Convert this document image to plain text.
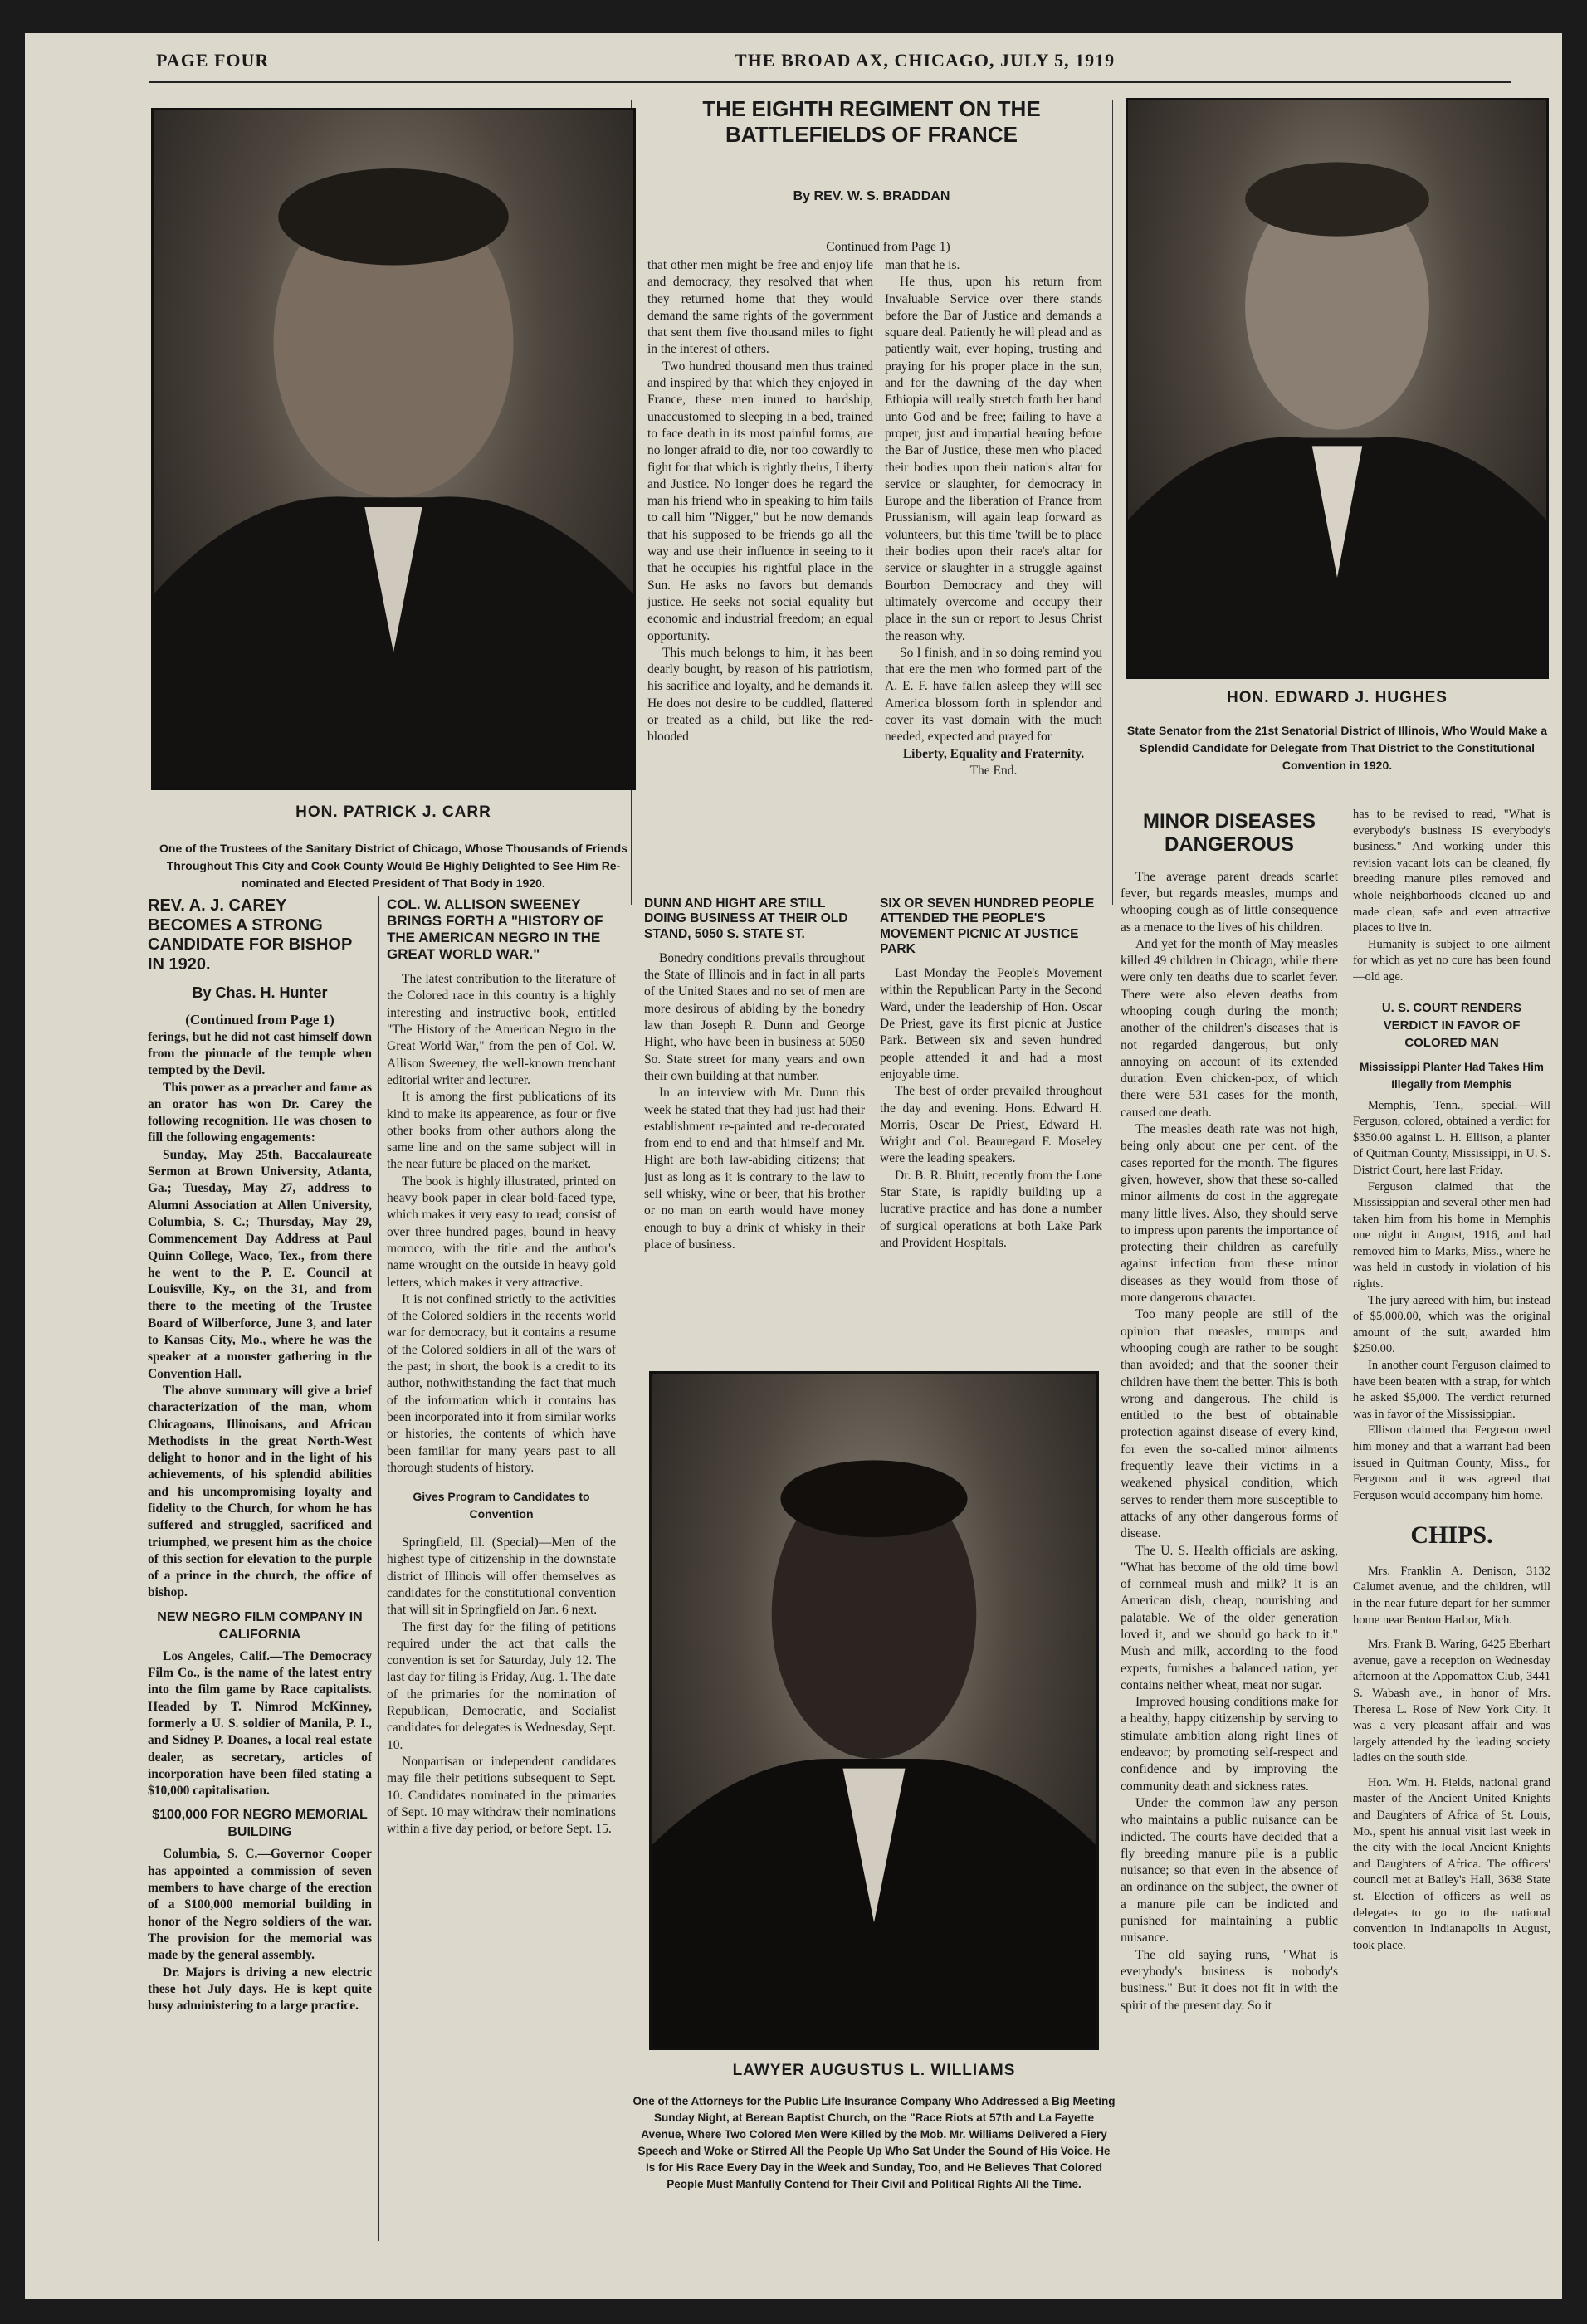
PAGE FOUR	THE BROAD AX, CHICAGO, JULY 5, 1919
HON. PATRICK J. CARR
One of the Trustees of the Sanitary District of Chicago, Whose Thousands of Friends Throughout This City and Cook County Would Be Highly Delighted to See Him Re-nominated and Elected President of That Body in 1920.
THE EIGHTH REGIMENT ON THE BATTLEFIELDS OF FRANCE
By REV. W. S. BRADDAN

Continued from Page 1)

that other men might be free and enjoy life and democracy, they resolved that when they returned home that they would demand the same rights of the government that sent them five thousand miles to fight in the interest of others.

Two hundred thousand men thus trained and inspired by that which they enjoyed in France, these men inured to hardship, unaccustomed to sleeping in a bed, trained to face death in its most painful forms, are no longer afraid to die, nor too cowardly to fight for that which is rightly theirs, Liberty and Justice. No longer does he regard the man his friend who in speaking to him fails to call him "Nigger," but he now demands that his supposed to be friends go all the way and use their influence in seeing to it that he occupies his rightful place in the Sun. He asks no favors but demands justice. He seeks not social equality but economic and industrial freedom; an equal opportunity.

This much belongs to him, it has been dearly bought, by reason of his patriotism, his sacrifice and loyalty, and he demands it. He does not desire to be cuddled, flattered or treated as a child, but like the red-blooded

man that he is.

He thus, upon his return from Invaluable Service over there stands before the Bar of Justice and demands a square deal. Patiently he will plead and as patiently wait, ever hoping, trusting and praying for his proper place in the sun, and for the dawning of the day when Ethiopia will really stretch forth her hand unto God and be free; failing to have a proper, just and impartial hearing before the Bar of Justice, these men who placed their bodies upon their nation's altar for service or slaughter, for democracy in Europe and the liberation of France from Prussianism, will again leap forward as volunteers, but this time 'twill be to place their bodies upon their race's altar for service or slaughter in a struggle against Bourbon Democracy and they will ultimately overcome and occupy their place in the sun or report to Jesus Christ the reason why.

So I finish, and in so doing remind you that ere the men who formed part of the A. E. F. have fallen asleep they will see America blossom forth in splendor and cover its vast domain with the much needed, expected and prayed for

Liberty, Equality and Fraternity.

The End.

HON. EDWARD J. HUGHES
State Senator from the 21st Senatorial District of Illinois, Who Would Make a Splendid Candidate for Delegate from That District to the Constitutional Convention in 1920.
REV. A. J. CAREY BECOMES A STRONG CANDIDATE FOR BISHOP IN 1920.
By Chas. H. Hunter

(Continued from Page 1)

ferings, but he did not cast himself down from the pinnacle of the temple when tempted by the Devil.

This power as a preacher and fame as an orator has won Dr. Carey the following recognition. He was chosen to fill the following engagements:

Sunday, May 25th, Baccalaureate Sermon at Brown University, Atlanta, Ga.; Tuesday, May 27, address to Alumni Association at Allen University, Columbia, S. C.; Thursday, May 29, Commencement Day Address at Paul Quinn College, Waco, Tex., from there he went to the P. E. Council at Louisville, Ky., on the 31, and from there to the meeting of the Trustee Board of Wilberforce, June 3, and later to Kansas City, Mo., where he was the speaker at a monster gathering in the Convention Hall.

The above summary will give a brief characterization of the man, whom Chicagoans, Illinoisans, and African Methodists in the great North-West delight to honor and in the light of his achievements, of his splendid abilities and his uncompromising loyalty and fidelity to the Church, for whom he has suffered and struggled, sacrificed and triumphed, we present him as the choice of this section for elevation to the purple of a prince in the church, the office of bishop.

NEW NEGRO FILM COMPANY IN CALIFORNIA

Los Angeles, Calif.—The Democracy Film Co., is the name of the latest entry into the film game by Race capitalists. Headed by T. Nimrod McKinney, formerly a U. S. soldier of Manila, P. I., and Sidney P. Doanes, a local real estate dealer, as secretary, articles of incorporation have been filed stating a $10,000 capitalisation.

$100,000 FOR NEGRO MEMORIAL BUILDING

Columbia, S. C.—Governor Cooper has appointed a commission of seven members to have charge of the erection of a $100,000 memorial building in honor of the Negro soldiers of the war. The provision for the memorial was made by the general assembly.

Dr. Majors is driving a new electric these hot July days. He is kept quite busy administering to a large practice.

COL. W. ALLISON SWEENEY BRINGS FORTH A "HISTORY OF THE AMERICAN NEGRO IN THE GREAT WORLD WAR."

The latest contribution to the literature of the Colored race in this country is a highly interesting and instructive book, entitled "The History of the American Negro in the Great World War," from the pen of Col. W. Allison Sweeney, the well-known trenchant editorial writer and lecturer.

It is among the first publications of its kind to make its appearence, as four or five other books from other authors along the same line and on the same subject will in the near future be placed on the market.

The book is highly illustrated, printed on heavy book paper in clear bold-faced type, which makes it very easy to read; consist of over three hundred pages, bound in heavy morocco, with the title and the author's name wrought on the outside in heavy gold letters, which makes it very attractive.

It is not confined strictly to the activities of the Colored soldiers in the recents world war for democracy, but it contains a resume of the Colored soldiers in all of the wars of the past; in short, the book is a credit to its author, nothwithstanding the fact that much of the information which it contains has been incorporated into it from similar works or histories, the contents of which have been familiar for many years past to all thorough students of history.

Gives Program to Candidates to Convention

Springfield, Ill. (Special)—Men of the highest type of citizenship in the downstate district of Illinois will offer themselves as candidates for the constitutional convention that will sit in Springfield on Jan. 6 next.

The first day for the filing of petitions required under the act that calls the convention is set for Saturday, July 12. The last day for filing is Friday, Aug. 1. The date of the primaries for the nomination of Republican, Democratic, and Socialist candidates for delegates is Wednesday, Sept. 10.

Nonpartisan or independent candidates may file their petitions subsequent to Sept. 10. Candidates nominated in the primaries of Sept. 10 may withdraw their nominations within a five day period, or before Sept. 15.

DUNN AND HIGHT ARE STILL DOING BUSINESS AT THEIR OLD STAND, 5050 S. STATE ST.

Bonedry conditions prevails throughout the State of Illinois and in fact in all parts of the United States and no set of men are more desirous of abiding by the bonedry law than Joseph R. Dunn and George Hight, who have been in business at 5050 So. State street for many years and own their own building at that number.

In an interview with Mr. Dunn this week he stated that they had just had their establishment re-painted and re-decorated from end to end and that himself and Mr. Hight are both law-abiding citizens; that just as long as it is contrary to the law to sell whisky, wine or beer, that his brother or no man on earth would have money enough to buy a drink of whisky in their place of business.

SIX OR SEVEN HUNDRED PEOPLE ATTENDED THE PEOPLE'S MOVEMENT PICNIC AT JUSTICE PARK

Last Monday the People's Movement within the Republican Party in the Second Ward, under the leadership of Hon. Oscar De Priest, gave its first picnic at Justice Park. Between six and seven hundred people attended it and had a most enjoyable time.

The best of order prevailed throughout the day and evening. Hons. Edward H. Morris, Oscar De Priest, Edward H. Wright and Col. Beauregard F. Moseley were the leading speakers.

Dr. B. R. Bluitt, recently from the Lone Star State, is rapidly building up a lucrative practice and has done a number of surgical operations at both Lake Park and Provident Hospitals.

LAWYER AUGUSTUS L. WILLIAMS
One of the Attorneys for the Public Life Insurance Company Who Addressed a Big Meeting Sunday Night, at Berean Baptist Church, on the "Race Riots at 57th and La Fayette Avenue, Where Two Colored Men Were Killed by the Mob. Mr. Williams Delivered a Fiery Speech and Woke or Stirred All the People Up Who Sat Under the Sound of His Voice. He Is for His Race Every Day in the Week and Sunday, Too, and He Believes That Colored People Must Manfully Contend for Their Civil and Political Rights All the Time.
MINOR DISEASES DANGEROUS

The average parent dreads scarlet fever, but regards measles, mumps and whooping cough as of little consequence as a menace to the lives of his children.

And yet for the month of May measles killed 49 children in Chicago, while there were only ten deaths due to scarlet fever. There were also eleven deaths from whooping cough during the month; another of the children's diseases that is not regarded dangerous, but only annoying on account of its extended duration. Even chicken-pox, of which there were 531 cases for the month, caused one death.

The measles death rate was not high, being only about one per cent. of the cases reported for the month. The figures given, however, show that these so-called minor ailments do cost in the aggregate many little lives. Also, they should serve to impress upon parents the importance of protecting their children as carefully against infection from these minor diseases as they would from those of more dangerous character.

Too many people are still of the opinion that measles, mumps and whooping cough are rather to be sought than avoided; and that the sooner their children have them the better. This is both wrong and dangerous. The child is entitled to the best of obtainable protection against disease of every kind, for even the so-called minor ailments frequently leave their victims in a weakened physical condition, which serves to render them more susceptible to attacks of any other dangerous forms of disease.

The U. S. Health officials are asking, "What has become of the old time bowl of cornmeal mush and milk? It is an American dish, cheap, nourishing and palatable. We of the older generation loved it, and we should go back to it." Mush and milk, according to the food experts, furnishes a balanced ration, yet contains neither wheat, meat nor sugar.

Improved housing conditions make for a healthy, happy citizenship by serving to stimulate ambition along right lines of endeavor; by promoting self-respect and confidence and by improving the community death and sickness rates.

Under the common law any person who maintains a public nuisance can be indicted. The courts have decided that a fly breeding manure pile is a public nuisance; so that even in the absence of an ordinance on the subject, the owner of a manure pile can be indicted and punished for maintaining a public nuisance.

The old saying runs, "What is everybody's business is nobody's business." But it does not fit in with the spirit of the present day. So it

has to be revised to read, "What is everybody's business IS everybody's business." And working under this revision vacant lots can be cleaned, fly breeding manure piles removed and whole neighborhoods cleaned up and made clean, safe and even attractive places to live in.

Humanity is subject to one ailment for which as yet no cure has been found—old age.

U. S. COURT RENDERS VERDICT IN FAVOR OF COLORED MAN
Mississippi Planter Had Takes Him Illegally from Memphis

Memphis, Tenn., special.—Will Ferguson, colored, obtained a verdict for $350.00 against L. H. Ellison, a planter of Quitman County, Mississippi, in U. S. District Court, here last Friday.

Ferguson claimed that the Mississippian and several other men had taken him from his home in Memphis one night in August, 1916, and had removed him to Marks, Miss., where he was held in custody in violation of his rights.

The jury agreed with him, but instead of $5,000.00, which was the original amount of the suit, awarded him $250.00.

In another count Ferguson claimed to have been beaten with a strap, for which he asked $5,000. The verdict returned was in favor of the Mississippian.

Ellison claimed that Ferguson owed him money and that a warrant had been issued in Quitman County, Miss., for Ferguson and it was agreed that Ferguson would accompany him home.

CHIPS.

Mrs. Franklin A. Denison, 3132 Calumet avenue, and the children, will in the near future depart for her summer home near Benton Harbor, Mich.

Mrs. Frank B. Waring, 6425 Eberhart avenue, gave a reception on Wednesday afternoon at the Appomattox Club, 3441 S. Wabash ave., in honor of Mrs. Theresa L. Rose of New York City. It was a very pleasant affair and was largely attended by the leading society ladies on the south side.

Hon. Wm. H. Fields, national grand master of the Ancient United Knights and Daughters of Africa of St. Louis, Mo., spent his annual visit last week in the city with the local Ancient Knights and Daughters of Africa. The officers' council met at Bailey's Hall, 3638 State st. Election of officers as well as delegates to go to the national convention in Indianapolis in August, took place.
